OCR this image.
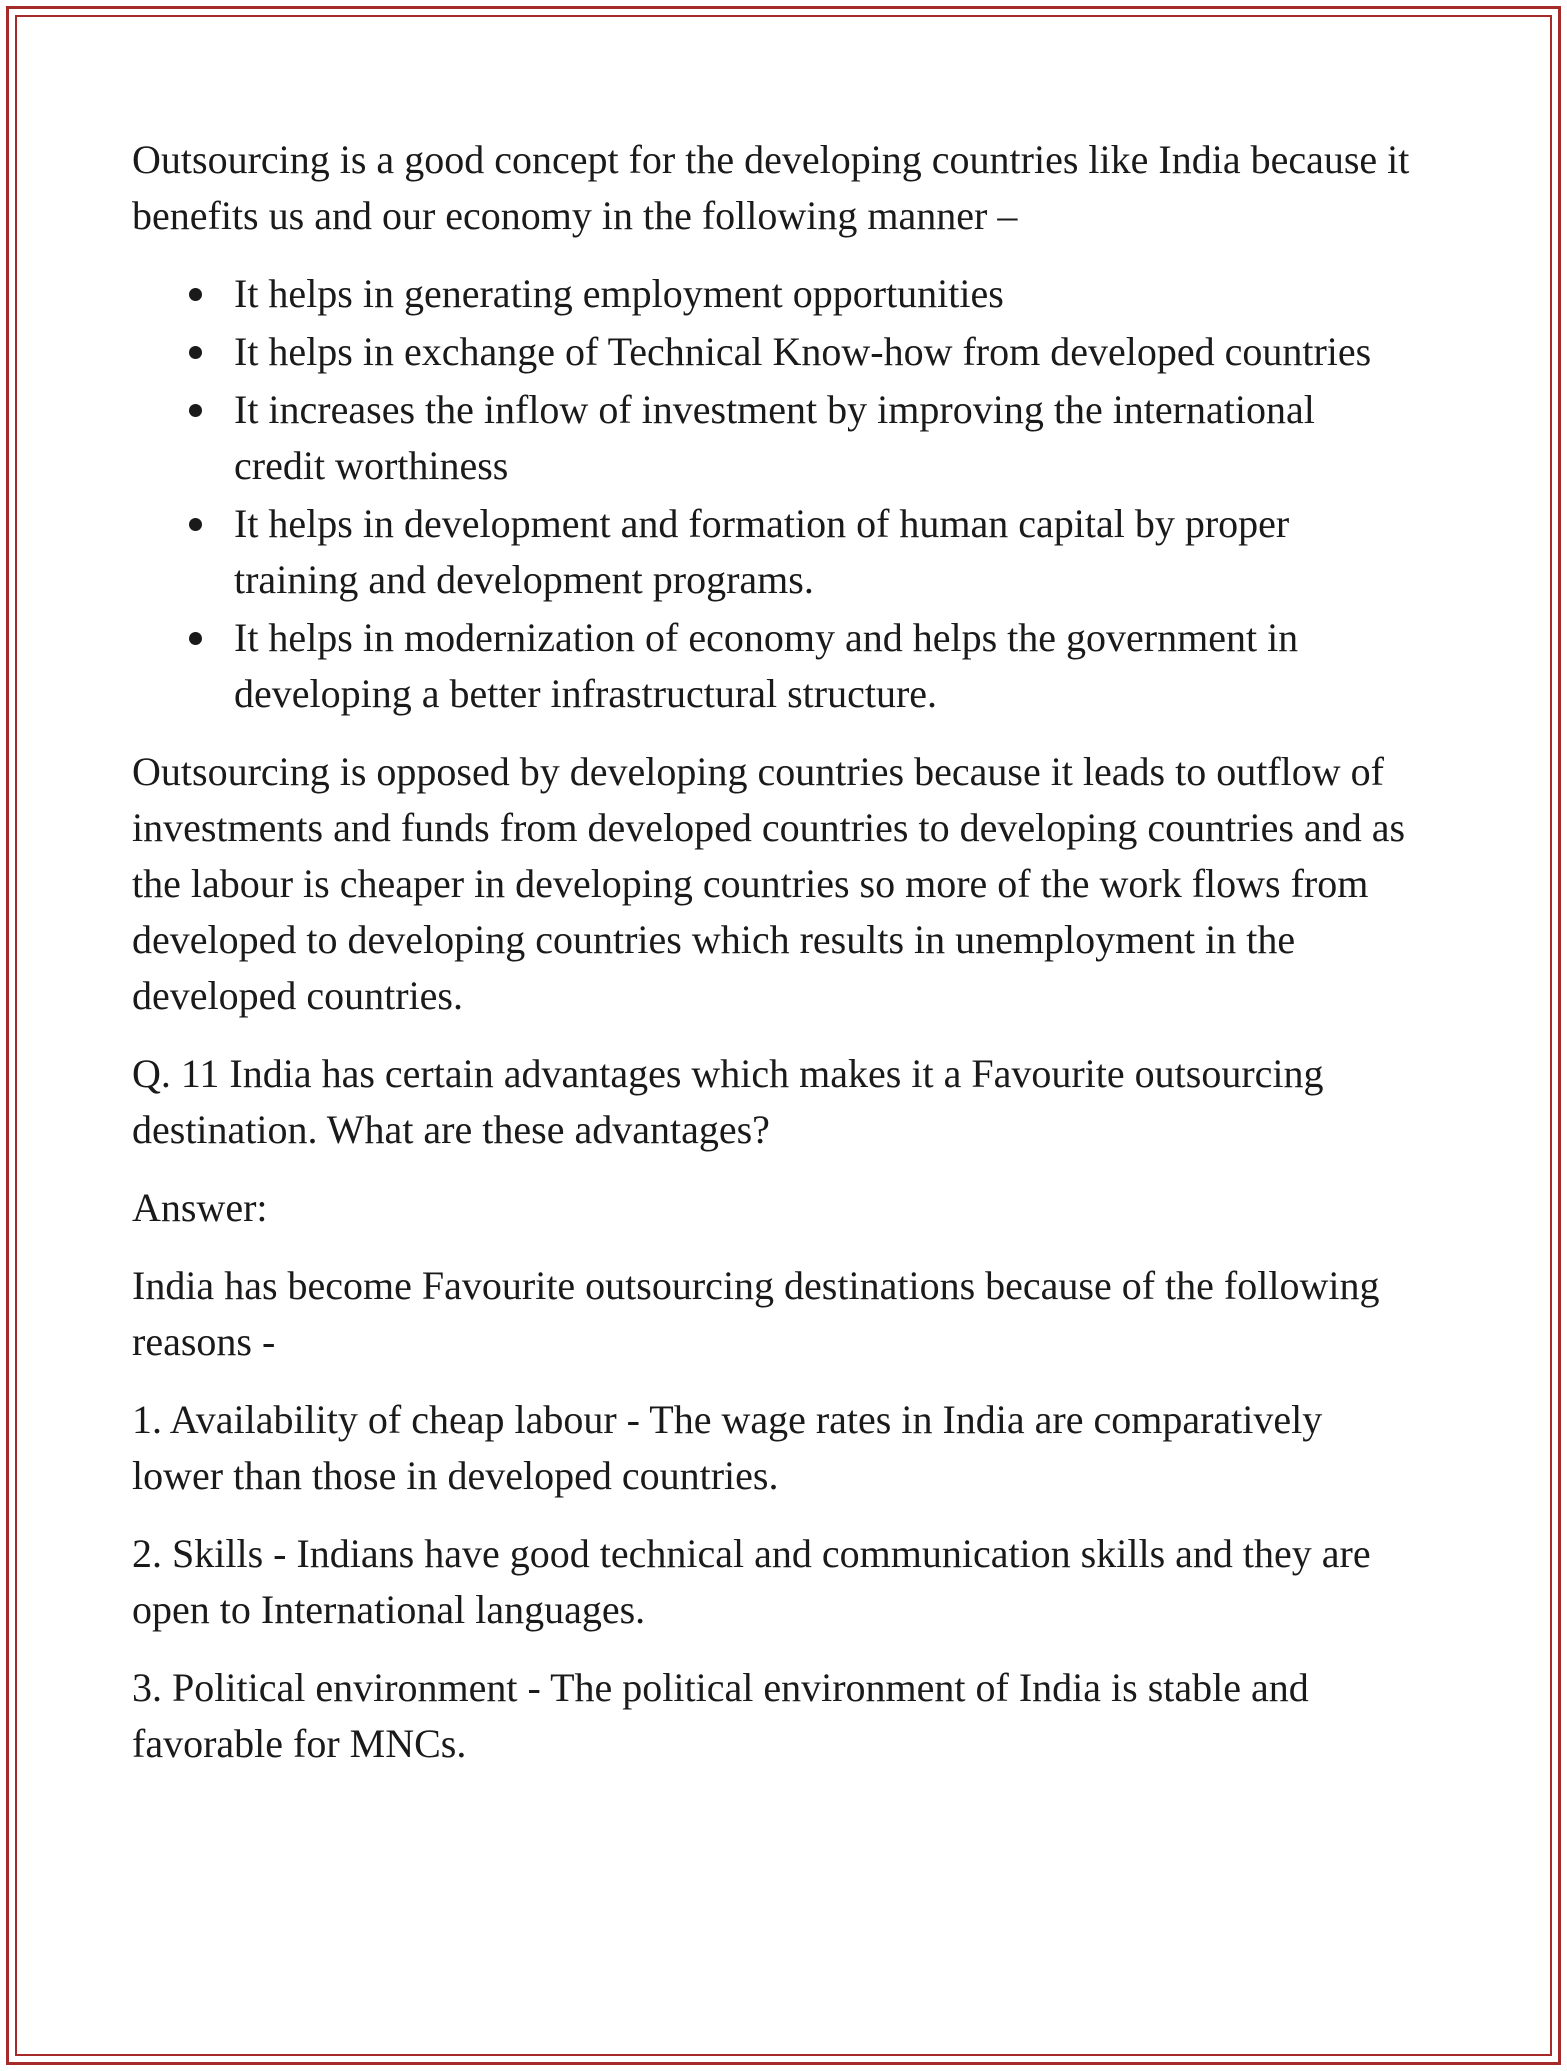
Outsourcing is a good concept for the developing countries like India because it benefits us and our economy in the following manner –

It helps in generating employment opportunities
It helps in exchange of Technical Know-how from developed countries
It increases the inflow of investment by improving the international credit worthiness
It helps in development and formation of human capital by proper training and development programs.
It helps in modernization of economy and helps the government in developing a better infrastructural structure.

Outsourcing is opposed by developing countries because it leads to outflow of investments and funds from developed countries to developing countries and as the labour is cheaper in developing countries so more of the work flows from developed to developing countries which results in unemployment in the developed countries.

Q. 11 India has certain advantages which makes it a Favourite outsourcing destination. What are these advantages?

Answer:

India has become Favourite outsourcing destinations because of the following reasons -

1. Availability of cheap labour - The wage rates in India are comparatively lower than those in developed countries.

2. Skills - Indians have good technical and communication skills and they are open to International languages.

3. Political environment - The political environment of India is stable and favorable for MNCs.
